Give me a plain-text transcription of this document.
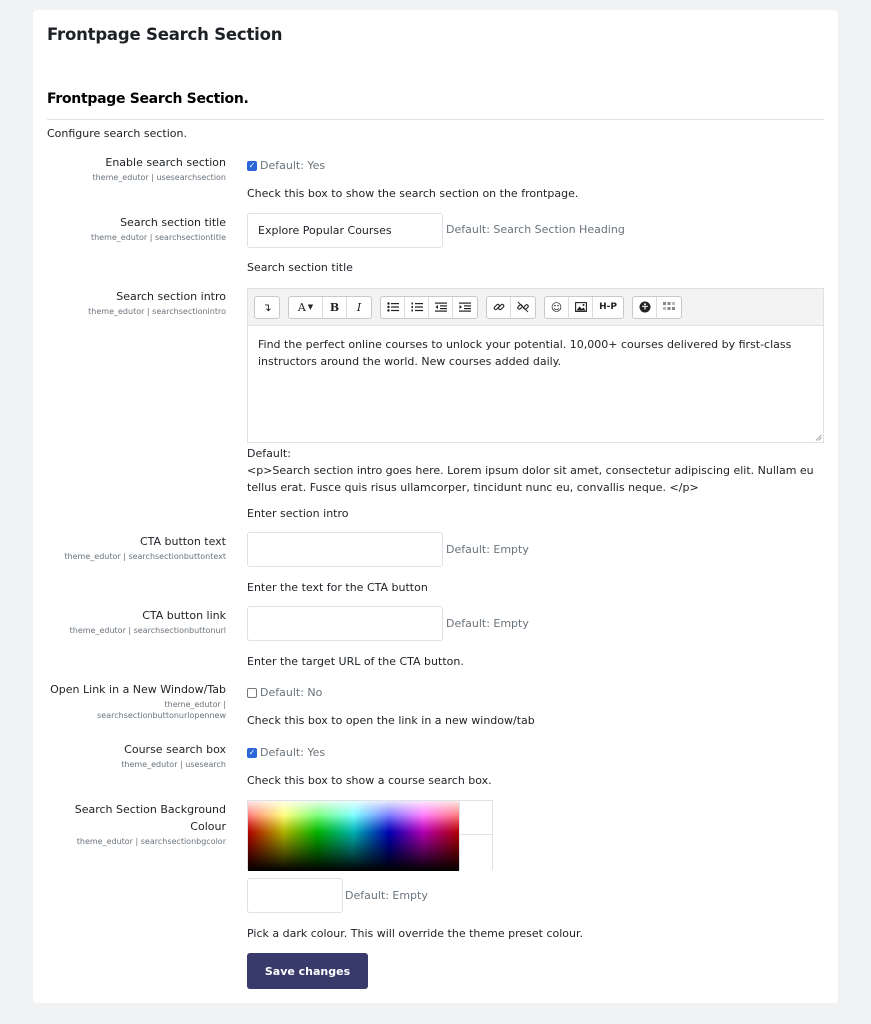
Frontpage Search Section
Frontpage Search Section.
Configure search section.
Enable search section
theme_edutor | usesearchsection
✓ Default: Yes
Check this box to show the search section on the frontpage.
Search section title
theme_edutor | searchsectiontitle
Explore Popular Courses	Default: Search Section Heading
Search section title
Search section intro
theme_edutor | searchsectionintro	↴	A ▼ B I	☺	H-P
Find the perfect online courses to unlock your potential. 10,000+ courses delivered by first-class instructors around the world. New courses added daily.
Default:
<p>Search section intro goes here. Lorem ipsum dolor sit amet, consectetur adipiscing elit. Nullam eu tellus erat. Fusce quis risus ullamcorper, tincidunt nunc eu, convallis neque. </p>
Enter section intro
CTA button text
theme_edutor | searchsectionbuttontext
Default: Empty
Enter the text for the CTA button
CTA button link
theme_edutor | searchsectionbuttonurl
Default: Empty
Enter the target URL of the CTA button.
Open Link in a New Window/Tab
theme_edutor |
searchsectionbuttonurlopennew
Default: No
Check this box to open the link in a new window/tab
Course search box
theme_edutor | usesearch
✓ Default: Yes
Check this box to show a course search box.
Search Section Background
Colour
theme_edutor | searchsectionbgcolor
Default: Empty
Pick a dark colour. This will override the theme preset colour.
Save changes
